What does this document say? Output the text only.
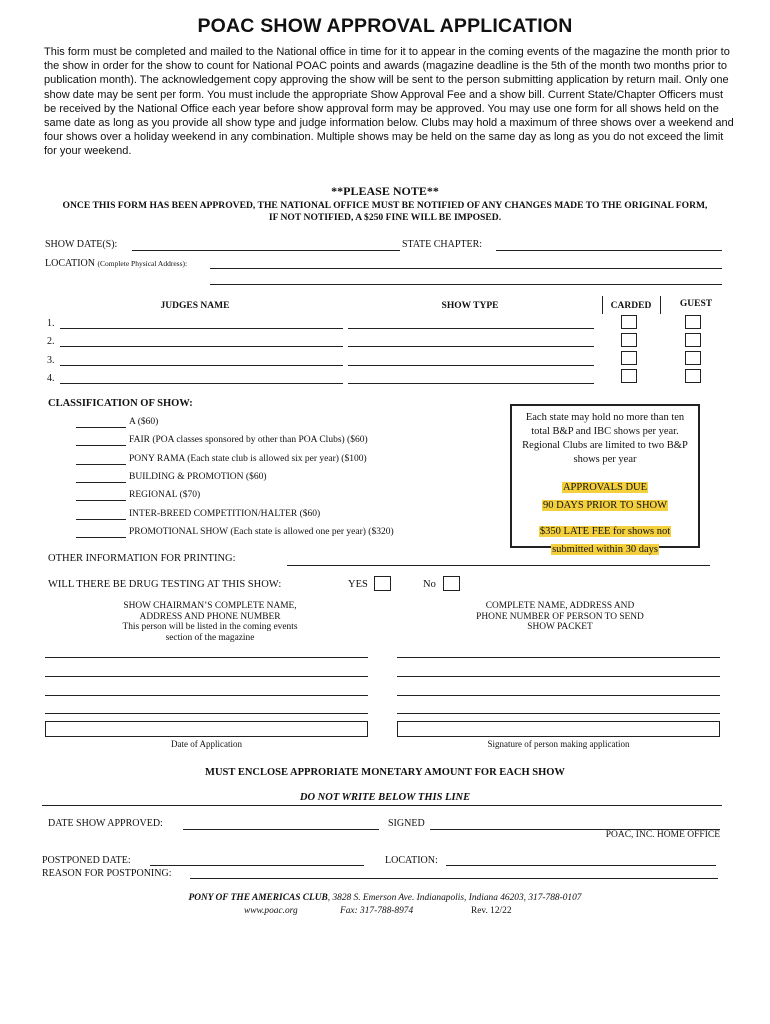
POAC SHOW APPROVAL APPLICATION
This form must be completed and mailed to the National office in time for it to appear in the coming events of the magazine the month prior to the show in order for the show to count for National POAC points and awards (magazine deadline is the 5th of the month two months prior to publication month). The acknowledgement copy approving the show will be sent to the person submitting application by return mail. Only one show date may be sent per form. You must include the appropriate Show Approval Fee and a show bill. Current State/Chapter Officers must be received by the National Office each year before show approval form may be approved. You may use one form for all shows held on the same date as long as you provide all show type and judge information below. Clubs may hold a maximum of three shows over a weekend and four shows over a holiday weekend in any combination. Multiple shows may be held on the same day as long as you do not exceed the limit for your weekend.
**PLEASE NOTE**
ONCE THIS FORM HAS BEEN APPROVED, THE NATIONAL OFFICE MUST BE NOTIFIED OF ANY CHANGES MADE TO THE ORIGINAL FORM, IF NOT NOTIFIED, A $250 FINE WILL BE IMPOSED.
SHOW DATE(S):	STATE CHAPTER:
LOCATION (Complete Physical Address):
JUDGES NAME	SHOW TYPE	CARDED	GUEST
1.
2.
3.
4.
CLASSIFICATION OF SHOW:
A ($60)
FAIR (POA classes sponsored by other than POA Clubs) ($60)
PONY RAMA (Each state club is allowed six per year) ($100)
BUILDING & PROMOTION ($60)
REGIONAL ($70)
INTER-BREED COMPETITION/HALTER ($60)
PROMOTIONAL SHOW (Each state is allowed one per year) ($320)
Each state may hold no more than ten total B&P and IBC shows per year. Regional Clubs are limited to two B&P shows per year
APPROVALS DUE
90 DAYS PRIOR TO SHOW
$350 LATE FEE for shows not
submitted within 30 days
OTHER INFORMATION FOR PRINTING:
WILL THERE BE DRUG TESTING AT THIS SHOW:	YES	No
SHOW CHAIRMAN’S COMPLETE NAME,
ADDRESS AND PHONE NUMBER
This person will be listed in the coming events
section of the magazine
COMPLETE NAME, ADDRESS AND
PHONE NUMBER OF PERSON TO SEND
SHOW PACKET
Date of Application	Signature of person making application
MUST ENCLOSE APPRORIATE MONETARY AMOUNT FOR EACH SHOW
DO NOT WRITE BELOW THIS LINE
DATE SHOW APPROVED:	SIGNED
POAC, INC. HOME OFFICE
POSTPONED DATE:	LOCATION:
REASON FOR POSTPONING:
PONY OF THE AMERICAS CLUB, 3828 S. Emerson Ave. Indianapolis, Indiana 46203, 317-788-0107
www.poac.org	Fax: 317-788-8974	Rev. 12/22
